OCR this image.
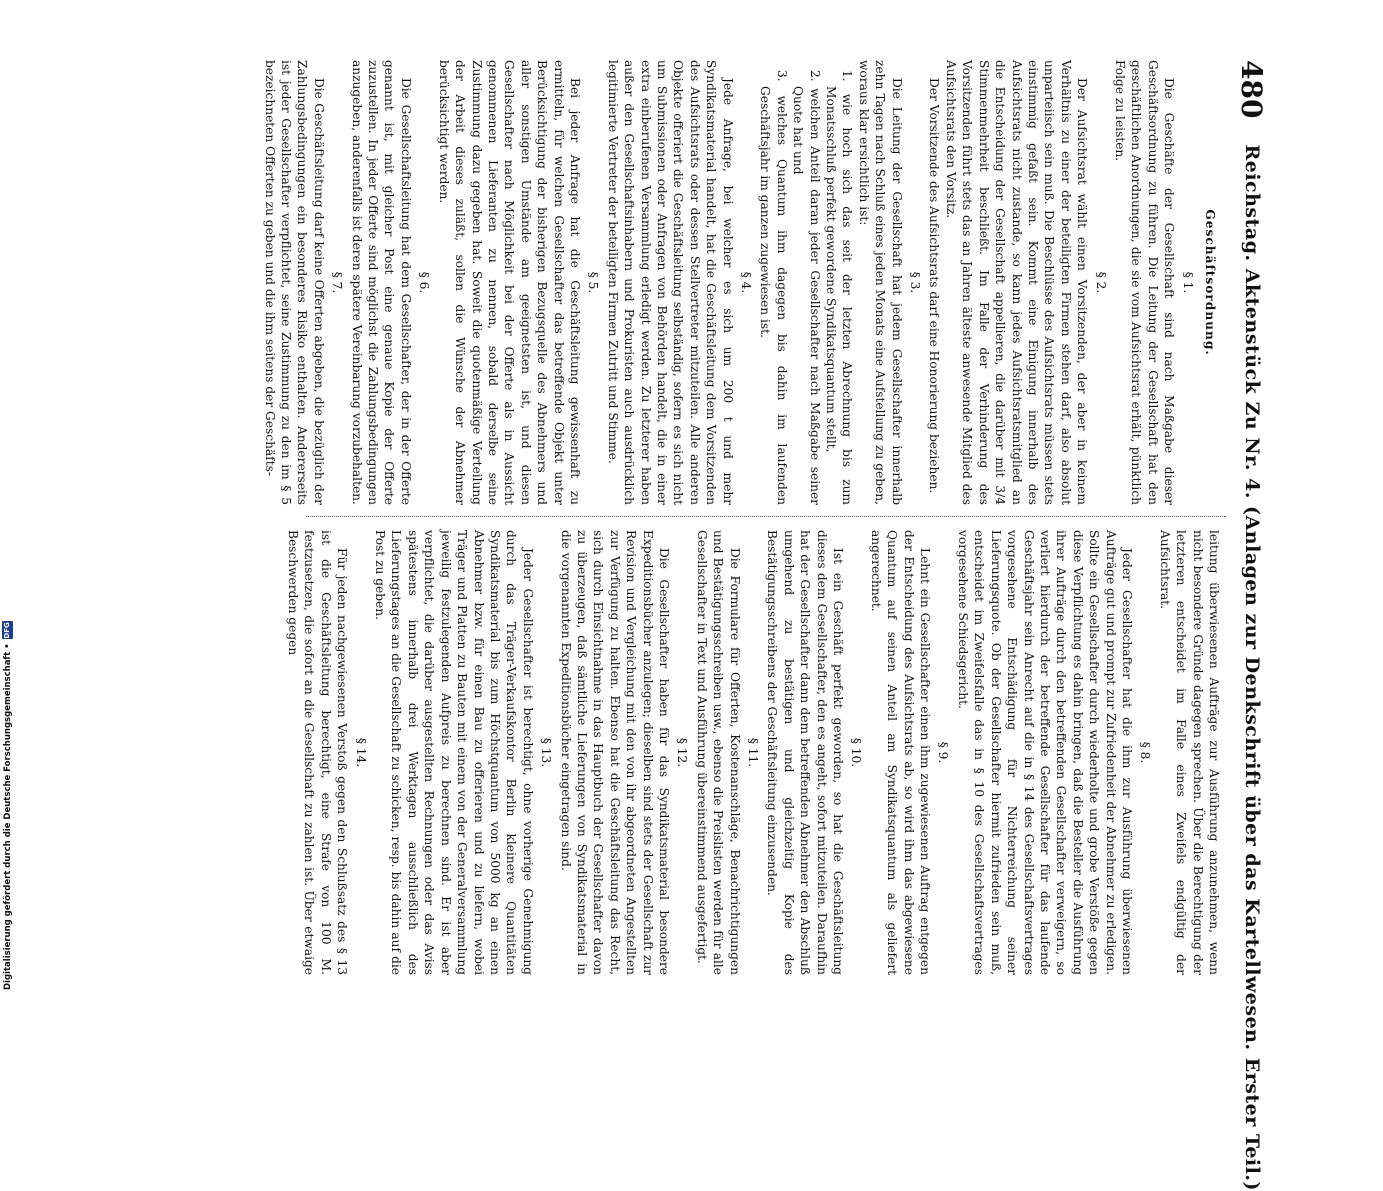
480
Reichstag. Aktenstück Zu Nr. 4. (Anlagen zur Denkschrift über das Kartellwesen. Erster Teil.)
Geschäftsordnung.
§ 1.

Die Geschäfte der Gesellschaft sind nach Maßgabe dieser Geschäftsordnung zu führen. Die Leitung der Gesellschaft hat den geschäftlichen Anordnungen, die sie vom Aufsichtsrat erhält, pünktlich Folge zu leisten.

§ 2.

Der Aufsichtsrat wählt einen Vorsitzenden, der aber in keinem Verhältnis zu einer der beteiligten Firmen stehen darf, also absolut unparteiisch sein muß. Die Beschlüsse des Aufsichtsrats müssen stets einstimmig gefaßt sein. Kommt eine Einigung innerhalb des Aufsichtsrats nicht zustande, so kann jedes Aufsichtsratsmitglied an die Entscheidung der Gesellschaft appellieren, die darüber mit 3/4 Stimmenmehrheit beschließt. Im Falle der Verhinderung des Vorsitzenden führt stets das an Jahren älteste anwesende Mitglied des Aufsichtsrats den Vorsitz.

Der Vorsitzende des Aufsichtsrats darf eine Honorierung beziehen.

§ 3.

Die Leitung der Gesellschaft hat jedem Gesellschafter innerhalb zehn Tagen nach Schluß eines jeden Monats eine Aufstellung zu geben, woraus klar ersichtlich ist:

1. wie hoch sich das seit der letzten Abrechnung bis zum Monatsschluß perfekt gewordene Syndikatsquantum stellt,

2. welchen Anteil daran jeder Gesellschafter nach Maßgabe seiner Quote hat und

3. welches Quantum ihm dagegen bis dahin im laufenden Geschäftsjahr im ganzen zugewiesen ist.

§ 4.

Jede Anfrage, bei welcher es sich um 200 t und mehr Syndikatsmaterial handelt, hat die Geschäftsleitung dem Vorsitzenden des Aufsichtsrats oder dessen Stellvertreter mitzuteilen. Alle anderen Objekte offeriert die Geschäftsleitung selbständig, sofern es sich nicht um Submissionen oder Anfragen von Behörden handelt, die in einer extra einberufenen Versammlung erledigt werden. Zu letzterer haben außer den Gesellschaftsinhabern und Prokuristen auch ausdrücklich legitimierte Vertreter der beteiligten Firmen Zutritt und Stimme.

§ 5.

Bei jeder Anfrage hat die Geschäftsleitung gewissenhaft zu ermitteln, für welchen Gesellschafter das betreffende Objekt unter Berücksichtigung der bisherigen Bezugsquelle des Abnehmers und aller sonstigen Umstände am geeignetsten ist, und diesen Gesellschafter nach Möglichkeit bei der Offerte als in Aussicht genommenen Lieferanten zu nennen, sobald derselbe seine Zustimmung dazu gegeben hat. Soweit die quotenmäßige Verteilung der Arbeit dieses zuläßt, sollen die Wünsche der Abnehmer berücksichtigt werden.

§ 6.

Die Gesellschaftsleitung hat dem Gesellschafter, der in der Offerte genannt ist, mit gleicher Post eine genaue Kopie der Offerte zuzustellen. In jeder Offerte sind möglichst die Zahlungsbedingungen anzugeben, anderenfalls ist deren spätere Vereinbarung vorzubehalten.

§ 7.

Die Geschäftsleitung darf keine Offerten abgeben, die bezüglich der Zahlungsbedingungen ein besonderes Risiko enthalten. Andererseits ist jeder Gesellschafter verpflichtet, seine Zustimmung zu den im § 5 bezeichneten Offerten zu geben und die ihm seitens der Geschäfts-

leitung überwiesenen Aufträge zur Ausführung anzunehmen, wenn nicht besondere Gründe dagegen sprechen. Über die Berechtigung der letzteren entscheidet im Falle eines Zweifels endgültig der Aufsichtsrat.

§ 8.

Jeder Gesellschafter hat die ihm zur Ausführung überwiesenen Aufträge gut und prompt zur Zufriedenheit der Abnehmer zu erledigen. Sollte ein Gesellschafter durch wiederholte und grobe Verstöße gegen diese Verpflichtung es dahin bringen, daß die Besteller die Ausführung ihrer Aufträge durch den betreffenden Gesellschafter verweigern, so verliert hierdurch der betreffende Gesellschafter für das laufende Geschäftsjahr sein Anrecht auf die in § 14 des Gesellschaftsvertrages vorgesehene Entschädigung für Nichterreichung seiner Lieferungsquote. Ob der Gesellschafter hiermit zufrieden sein muß, entscheidet im Zweifelsfalle das in § 10 des Gesellschaftsvertrages vorgesehene Schiedsgericht.

§ 9.

Lehnt ein Gesellschafter einen ihm zugewiesenen Auftrag entgegen der Entscheidung des Aufsichtsrats ab, so wird ihm das abgewiesene Quantum auf seinen Anteil am Syndikatsquantum als geliefert angerechnet.

§ 10.

Ist ein Geschäft perfekt geworden, so hat die Geschäftsleitung dieses dem Gesellschafter, den es angeht, sofort mitzuteilen. Daraufhin hat der Gesellschafter dann dem betreffenden Abnehmer den Abschluß umgehend zu bestätigen und gleichzeitig Kopie des Bestätigungsschreibens der Geschäftsleitung einzusenden.

§ 11.

Die Formulare für Offerten, Kostenanschläge, Benachrichtigungen und Bestätigungsschreiben usw., ebenso die Preislisten werden für alle Gesellschafter in Text und Ausführung übereinstimmend ausgefertigt.

§ 12.

Die Gesellschafter haben für das Syndikatsmaterial besondere Expeditionsbücher anzulegen; dieselben sind stets der Gesellschaft zur Revision und Vergleichung mit den von ihr abgeordneten Angestellten zur Verfügung zu halten. Ebenso hat die Geschäftsleitung das Recht, sich durch Einsichtnahme in das Hauptbuch der Gesellschafter davon zu überzeugen, daß sämtliche Lieferungen von Syndikatsmaterial in die vorgenannten Expeditionsbücher eingetragen sind.

§ 13.

Jeder Gesellschafter ist berechtigt, ohne vorherige Genehmigung durch das Träger-Verkaufskontor Berlin kleinere Quantitäten Syndikatsmaterial bis zum Höchstquantum von 5000 kg an einen Abnehmer bzw. für einen Bau zu offerieren und zu liefern, wobei Träger und Platten zu Bauten mit einem von der Generalversammlung jeweilig festzulegenden Aufpreis zu berechnen sind. Er ist aber verpflichtet, die darüber ausgestellten Rechnungen oder das Aviss spätestens innerhalb drei Werktagen ausschließlich des Lieferungstages an die Gesellschaft zu schicken, resp. bis dahin auf die Post zu geben.

§ 14.

Für jeden nachgewiesenen Verstoß gegen den Schlußsatz des § 13 ist die Geschäftsleitung berechtigt, eine Strafe von 100 M. festzusetzen, die sofort an die Gesellschaft zu zahlen ist. Über etwaige Beschwerden gegen

Digitalisierung gefördert durch die Deutsche Forschungsgemeinschaft •
DFG
